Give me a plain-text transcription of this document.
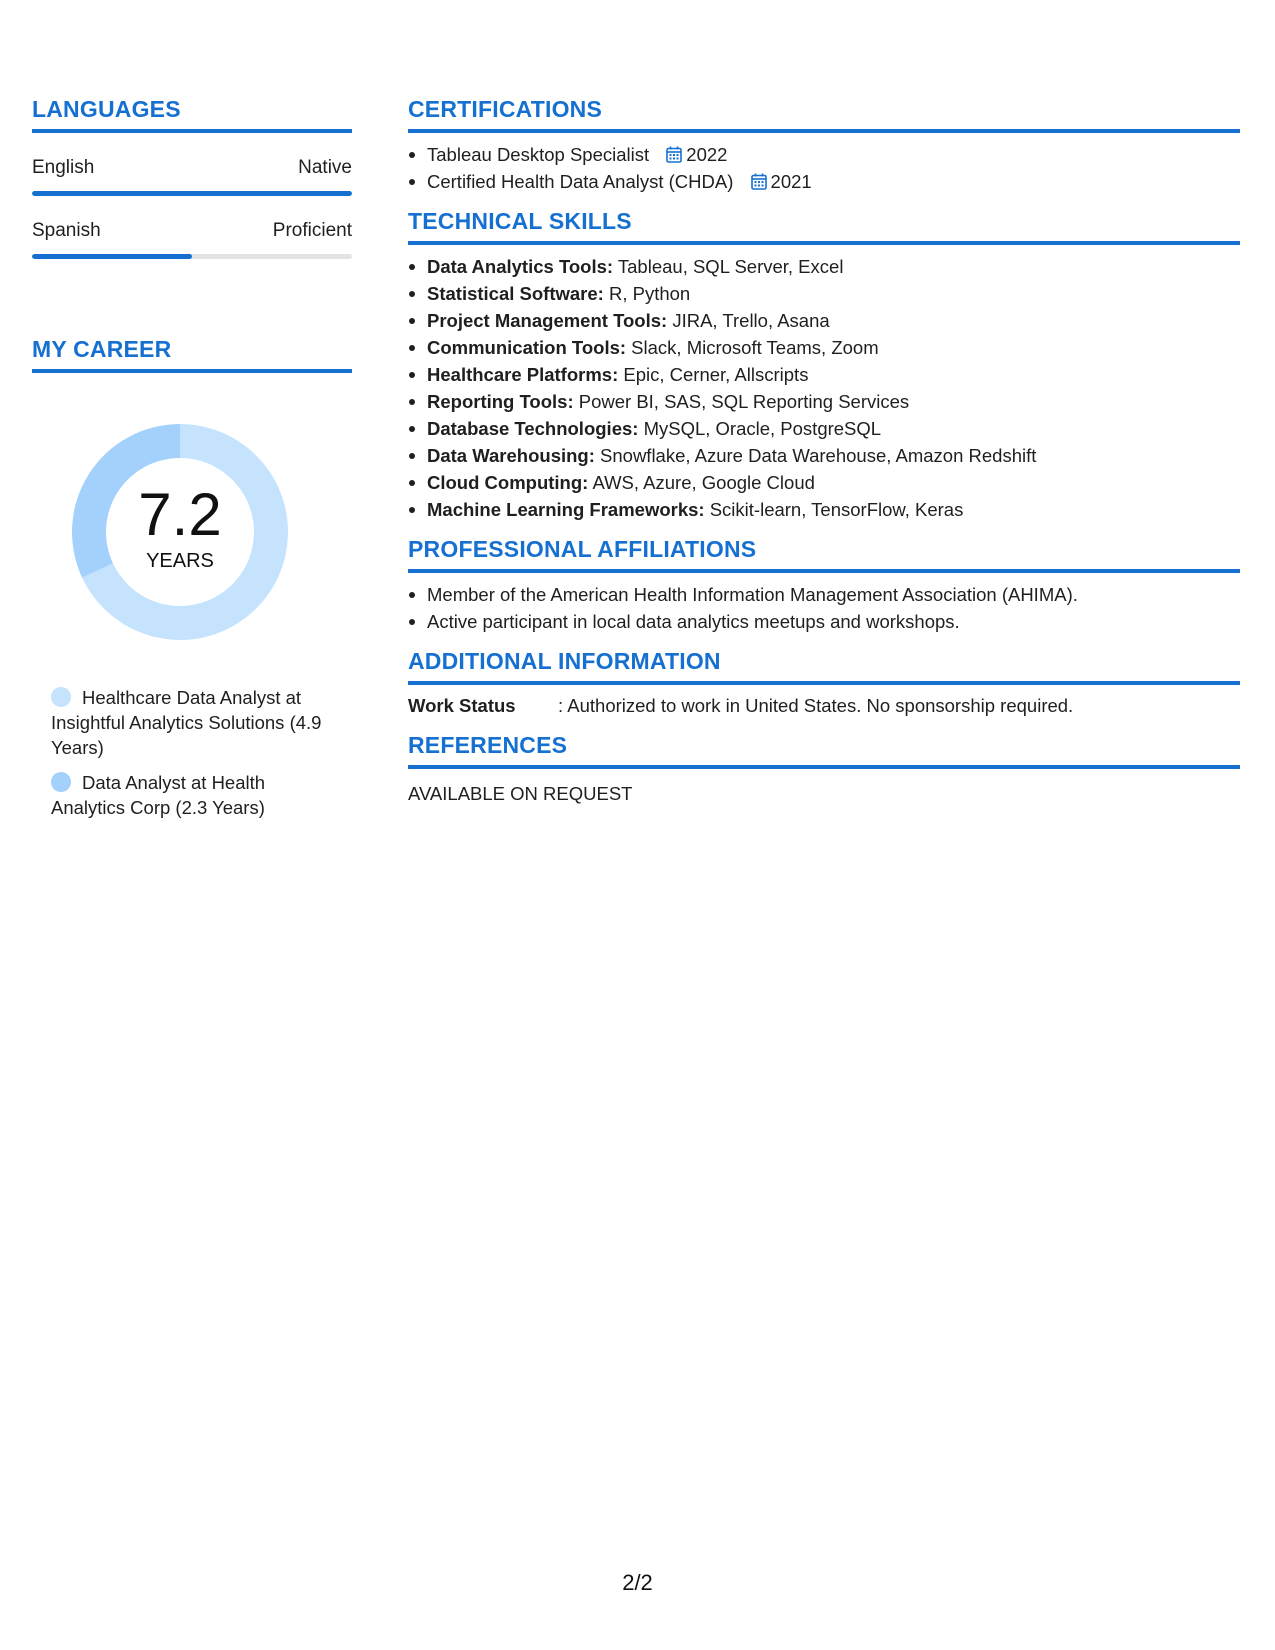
LANGUAGES
English	Native
Spanish	Proficient
MY CAREER
7.2
YEARS
Healthcare Data Analyst at Insightful Analytics Solutions (4.9 Years)
Data Analyst at Health Analytics Corp (2.3 Years)
CERTIFICATIONS
Tableau Desktop Specialist 2022
Certified Health Data Analyst (CHDA) 2021
TECHNICAL SKILLS
Data Analytics Tools: Tableau, SQL Server, Excel
Statistical Software: R, Python
Project Management Tools: JIRA, Trello, Asana
Communication Tools: Slack, Microsoft Teams, Zoom
Healthcare Platforms: Epic, Cerner, Allscripts
Reporting Tools: Power BI, SAS, SQL Reporting Services
Database Technologies: MySQL, Oracle, PostgreSQL
Data Warehousing: Snowflake, Azure Data Warehouse, Amazon Redshift
Cloud Computing: AWS, Azure, Google Cloud
Machine Learning Frameworks: Scikit-learn, TensorFlow, Keras
PROFESSIONAL AFFILIATIONS
Member of the American Health Information Management Association (AHIMA).
Active participant in local data analytics meetups and workshops.
ADDITIONAL INFORMATION
Work Status	: Authorized to work in United States. No sponsorship required.
REFERENCES
AVAILABLE ON REQUEST
2/2
